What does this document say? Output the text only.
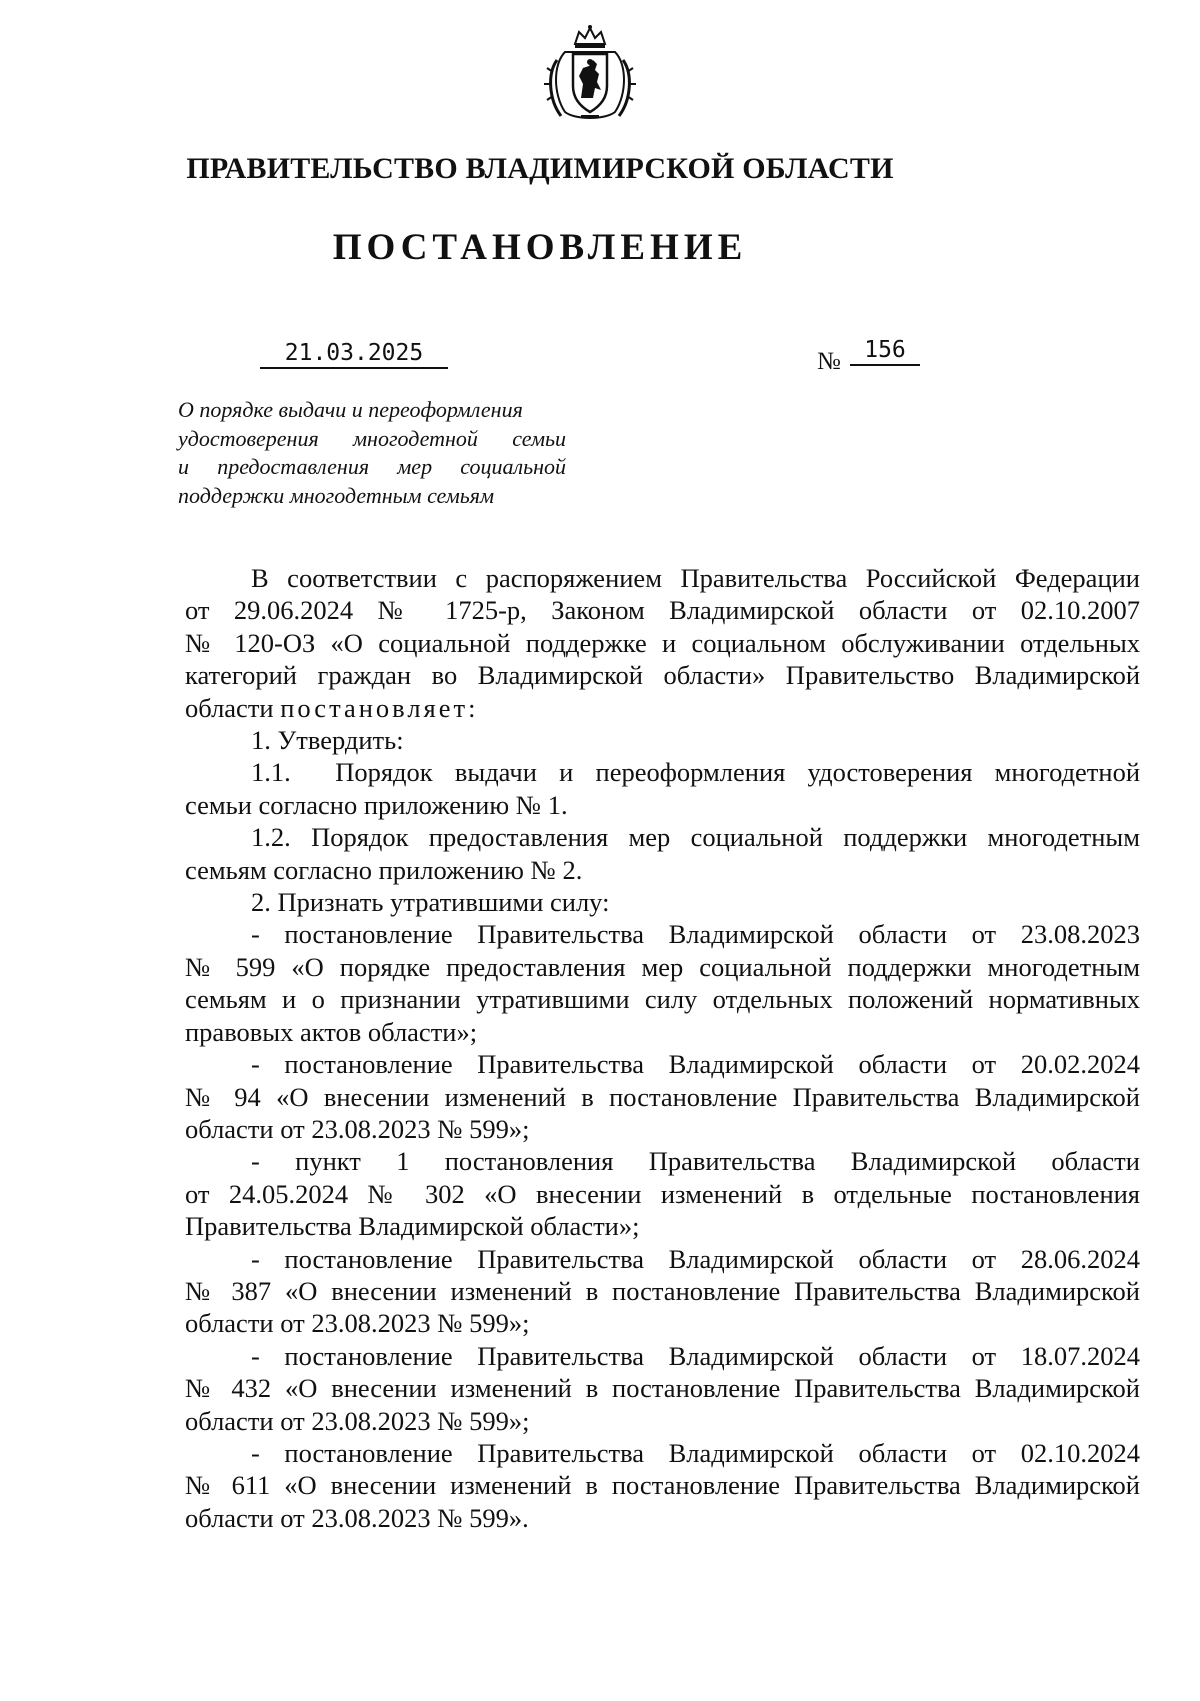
ПРАВИТЕЛЬСТВО ВЛАДИМИРСКОЙ ОБЛАСТИ
ПОСТАНОВЛЕНИЕ
21.03.2025	№	156
О порядке выдачи и переоформления
удостоверения многодетной семьи
и предоставления мер социальной
поддержки многодетным семьям

В соответствии с распоряжением Правительства Российской Федерации

от 29.06.2024 № 1725-р, Законом Владимирской области от 02.10.2007

№ 120-ОЗ «О социальной поддержке и социальном обслуживании отдельных

категорий граждан во Владимирской области» Правительство Владимирской

области постановляет:

1. Утвердить:

1.1. Порядок выдачи и переоформления удостоверения многодетной

семьи согласно приложению № 1.

1.2. Порядок предоставления мер социальной поддержки многодетным

семьям согласно приложению № 2.

2. Признать утратившими силу:

- постановление Правительства Владимирской области от 23.08.2023

№ 599 «О порядке предоставления мер социальной поддержки многодетным

семьям и о признании утратившими силу отдельных положений нормативных

правовых актов области»;

- постановление Правительства Владимирской области от 20.02.2024

№ 94 «О внесении изменений в постановление Правительства Владимирской

области от 23.08.2023 № 599»;

- пункт 1 постановления Правительства Владимирской области

от 24.05.2024 № 302 «О внесении изменений в отдельные постановления

Правительства Владимирской области»;

- постановление Правительства Владимирской области от 28.06.2024

№ 387 «О внесении изменений в постановление Правительства Владимирской

области от 23.08.2023 № 599»;

- постановление Правительства Владимирской области от 18.07.2024

№ 432 «О внесении изменений в постановление Правительства Владимирской

области от 23.08.2023 № 599»;

- постановление Правительства Владимирской области от 02.10.2024

№ 611 «О внесении изменений в постановление Правительства Владимирской

области от 23.08.2023 № 599».
